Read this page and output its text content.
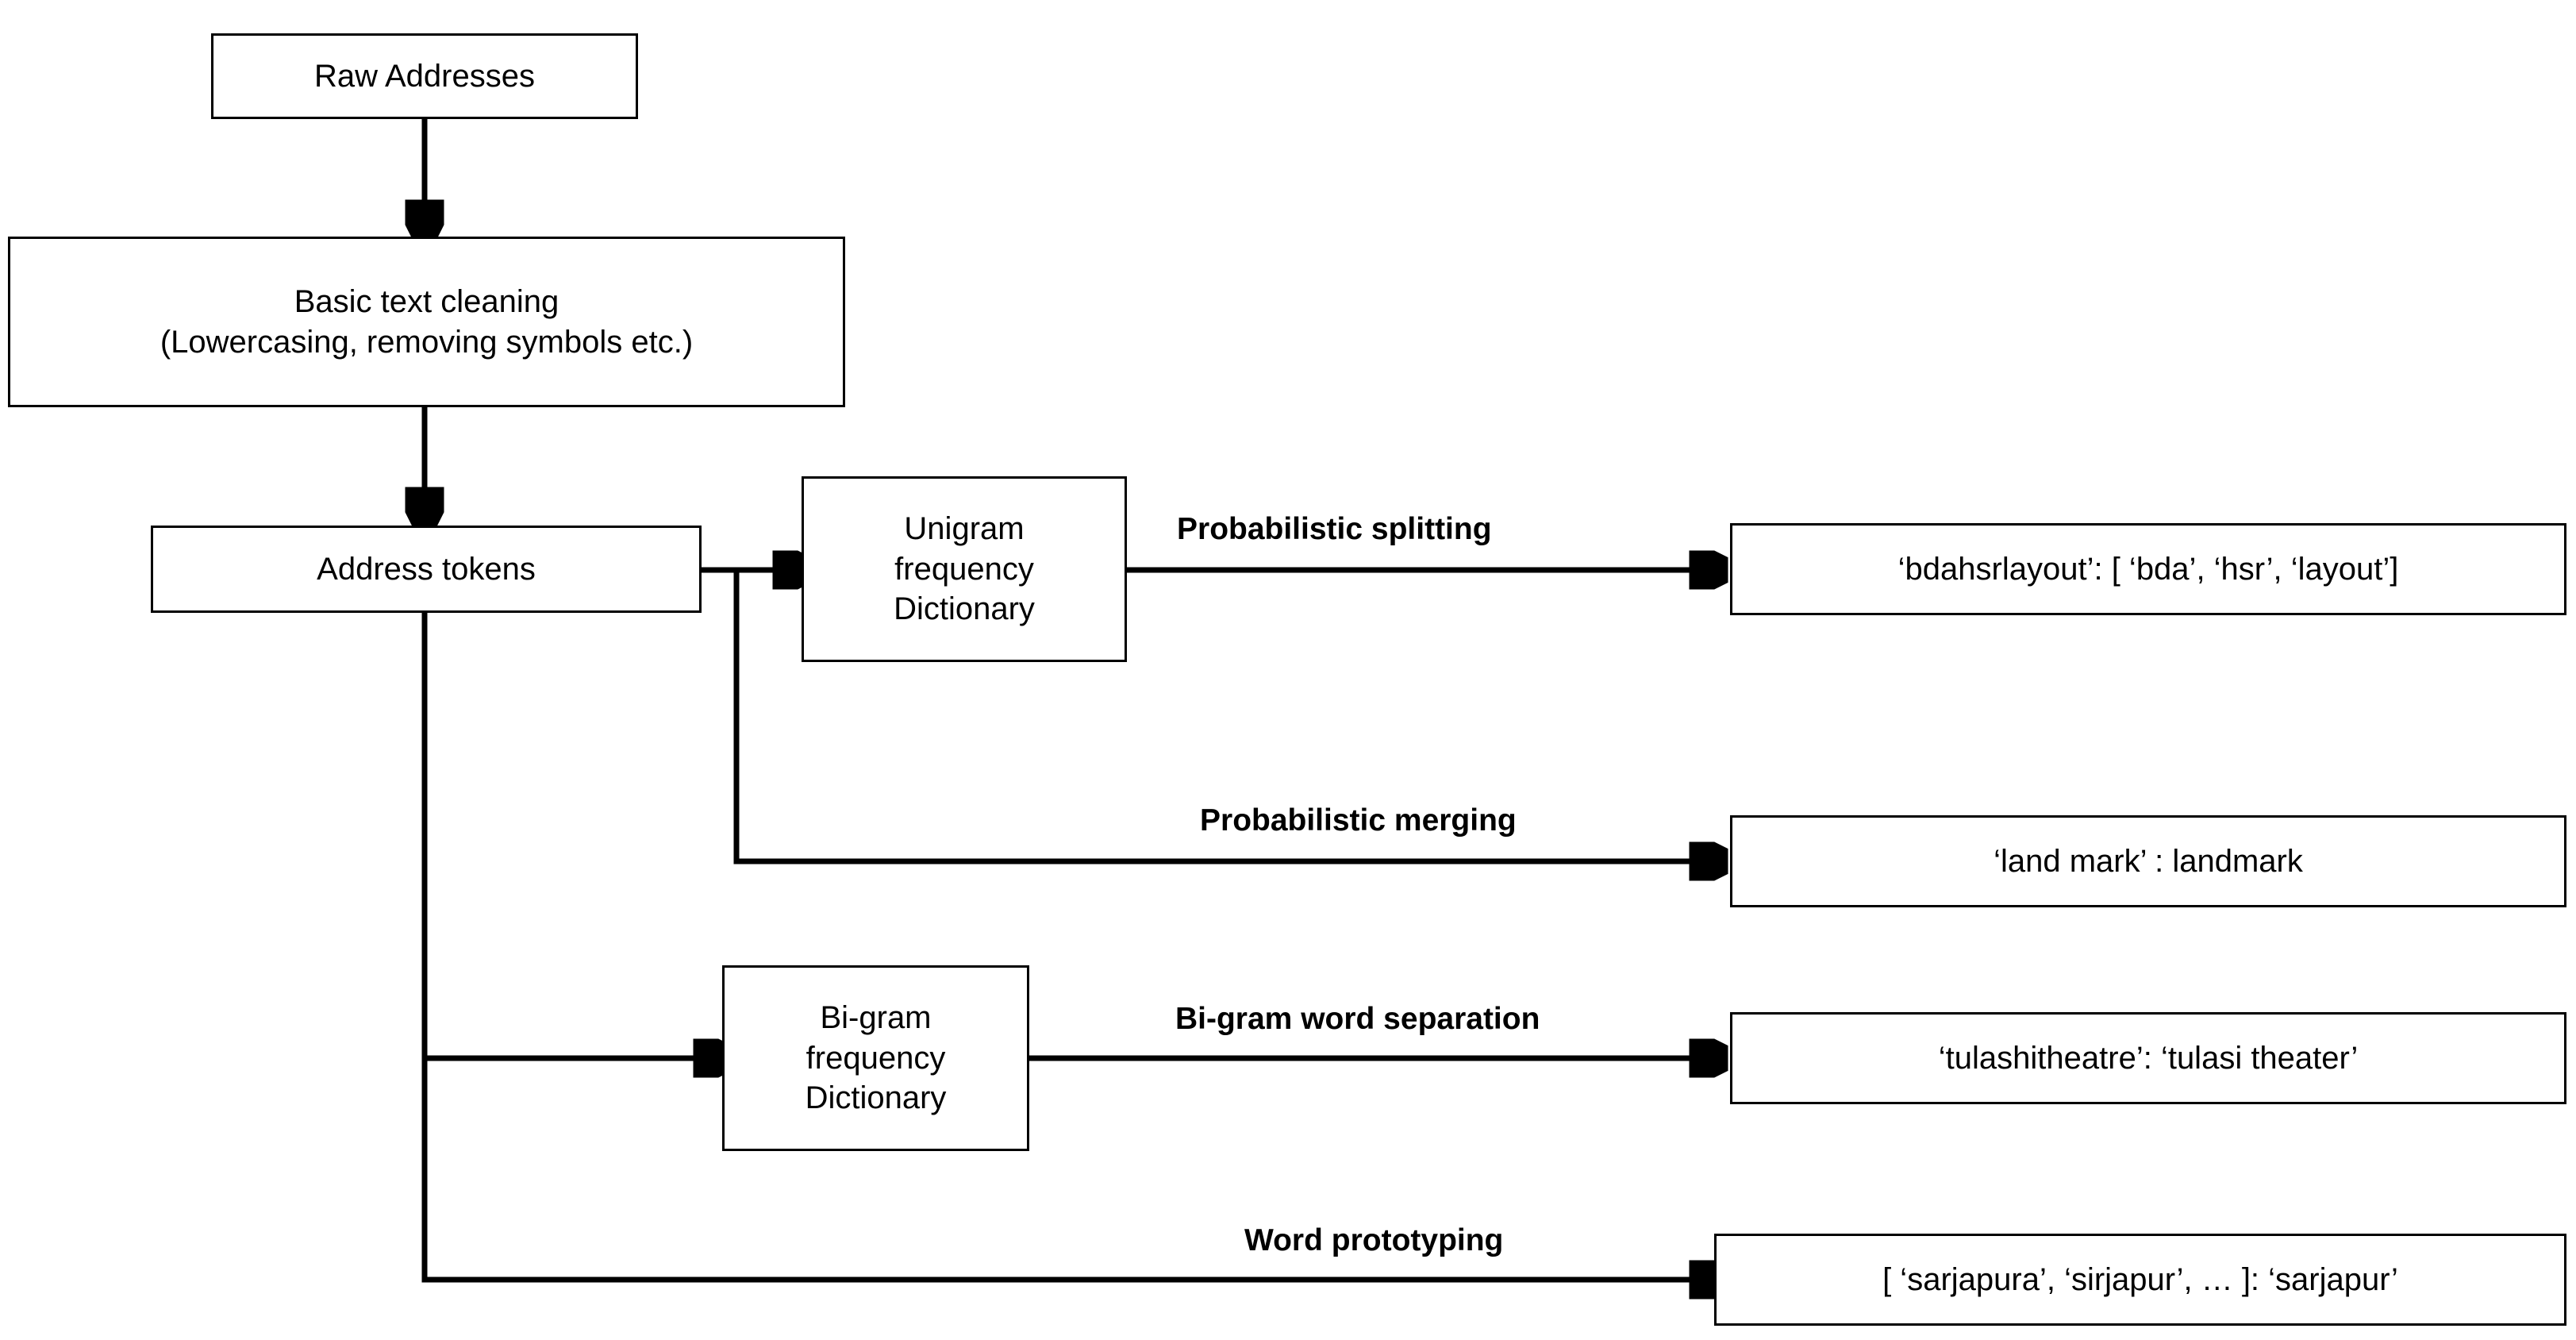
Raw Addresses
Basic text cleaning
(Lowercasing, removing symbols etc.)
Address tokens
Unigram
frequency
Dictionary
Bi-gram
frequency
Dictionary
‘bdahsrlayout’: [ ‘bda’, ‘hsr’, ‘layout’]
‘land mark’ : landmark
‘tulashitheatre’: ‘tulasi theater’
[ ‘sarjapura’, ‘sirjapur’, … ]: ‘sarjapur’
Probabilistic splitting
Probabilistic merging
Bi-gram word separation
Word prototyping
